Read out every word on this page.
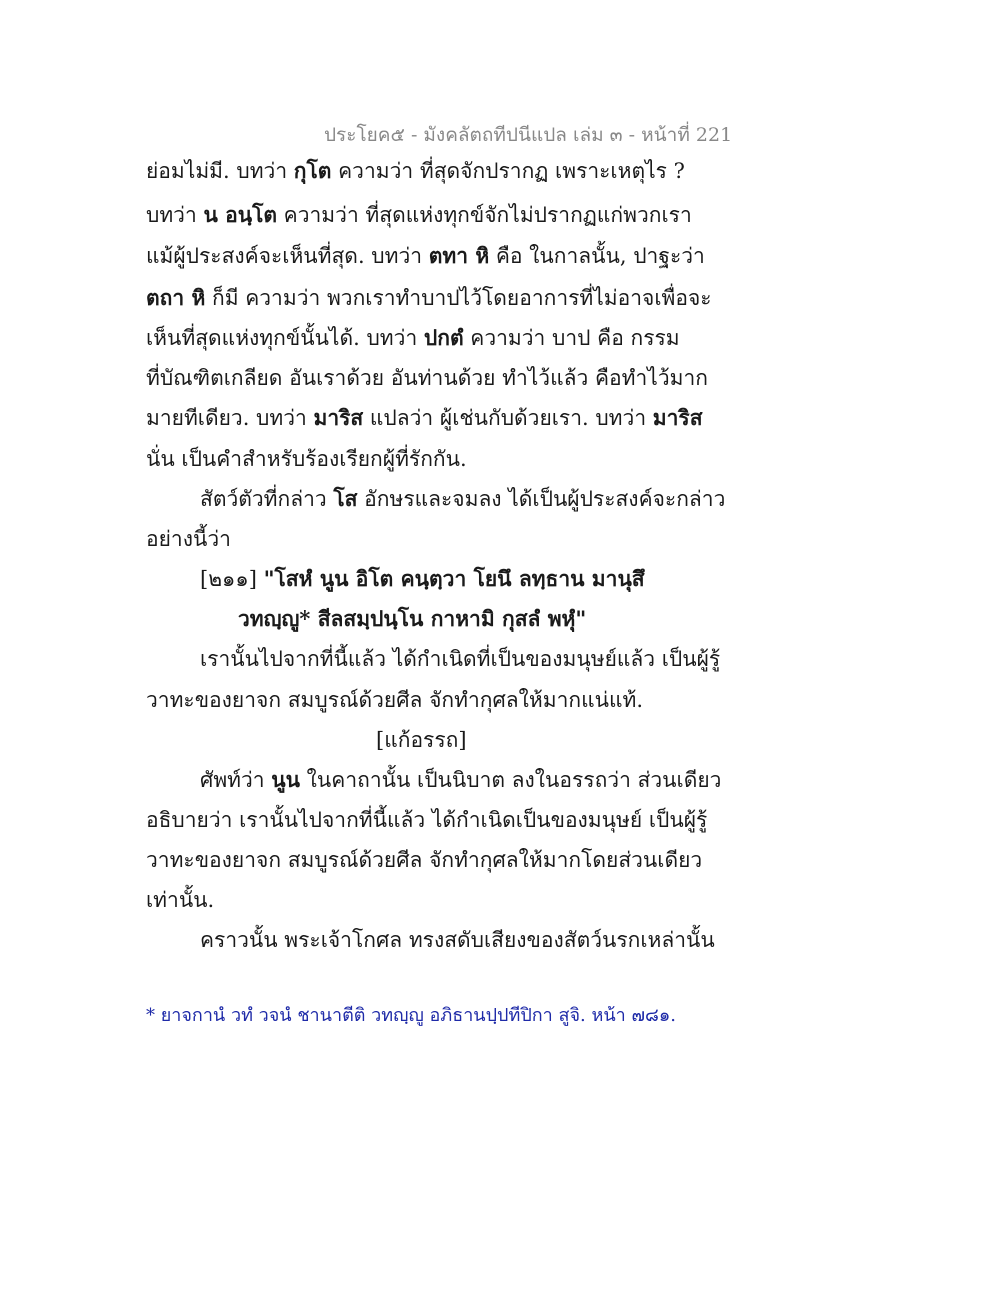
ประโยค๕ - มังคลัตถทีปนีแปล เล่ม ๓ - หน้าที่ 221
ย่อมไม่มี. บทว่า กุโต ความว่า ที่สุดจักปรากฏ เพราะเหตุไร ?
บทว่า น อนฺโต ความว่า ที่สุดแห่งทุกข์จักไม่ปรากฏแก่พวกเรา
แม้ผู้ประสงค์จะเห็นที่สุด. บทว่า ตทา หิ คือ ในกาลนั้น, ปาฐะว่า
ตถา หิ ก็มี ความว่า พวกเราทำบาปไว้โดยอาการที่ไม่อาจเพื่อจะ
เห็นที่สุดแห่งทุกข์นั้นได้. บทว่า ปกตํ ความว่า บาป คือ กรรม
ที่บัณฑิตเกลียด อันเราด้วย อันท่านด้วย ทำไว้แล้ว คือทำไว้มาก
มายทีเดียว. บทว่า มาริส แปลว่า ผู้เช่นกับด้วยเรา. บทว่า มาริส
นั่น เป็นคำสำหรับร้องเรียกผู้ที่รักกัน.
สัตว์ตัวที่กล่าว โส อักษรและจมลง ได้เป็นผู้ประสงค์จะกล่าว
อย่างนี้ว่า
[๒๑๑] "โสหํ นูน อิโต คนฺตฺวา โยนึ ลทฺธาน มานุสึ
วทญฺญู* สีลสมฺปนฺโน กาหามิ กุสลํ พหุํ"
เรานั้นไปจากที่นี้แล้ว ได้กำเนิดที่เป็นของมนุษย์แล้ว เป็นผู้รู้
วาทะของยาจก สมบูรณ์ด้วยศีล จักทำกุศลให้มากแน่แท้.
[แก้อรรถ]
ศัพท์ว่า นูน ในคาถานั้น เป็นนิบาต ลงในอรรถว่า ส่วนเดียว
อธิบายว่า เรานั้นไปจากที่นี้แล้ว ได้กำเนิดเป็นของมนุษย์ เป็นผู้รู้
วาทะของยาจก สมบูรณ์ด้วยศีล จักทำกุศลให้มากโดยส่วนเดียว
เท่านั้น.
คราวนั้น พระเจ้าโกศล ทรงสดับเสียงของสัตว์นรกเหล่านั้น
* ยาจกานํ วทํ วจนํ ชานาตีติ วทญฺญู อภิธานปฺปทีปิกา สูจิ. หน้า ๗๘๑.
